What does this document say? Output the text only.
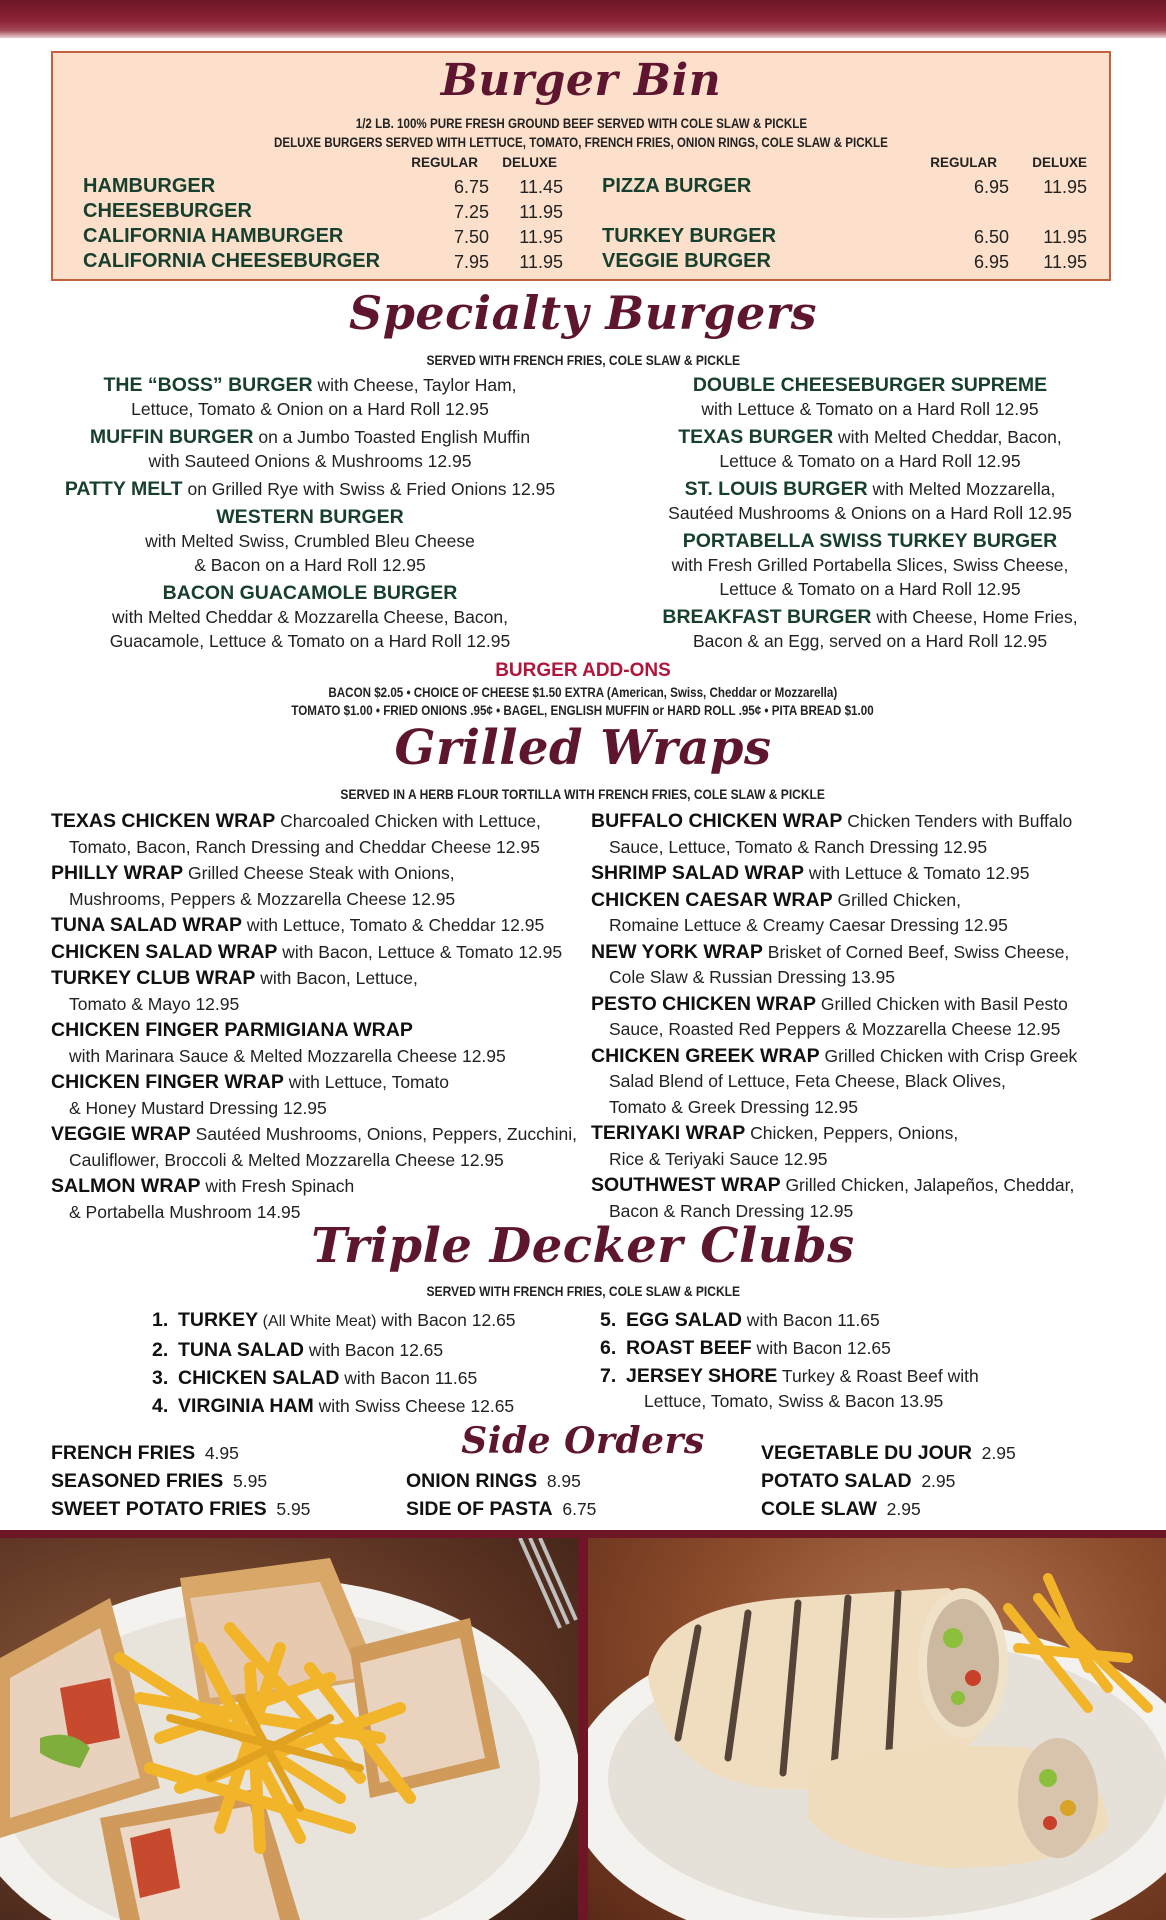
Burger Bin
1/2 LB. 100% PURE FRESH GROUND BEEF SERVED WITH COLE SLAW & PICKLE
DELUXE BURGERS SERVED WITH LETTUCE, TOMATO, FRENCH FRIES, ONION RINGS, COLE SLAW & PICKLE
REGULAR	DELUXE	REGULAR	DELUXE
HAMBURGER	6.75	11.45
CHEESEBURGER	7.25	11.95
CALIFORNIA HAMBURGER	7.50	11.95
CALIFORNIA CHEESEBURGER	7.95	11.95
PIZZA BURGER	6.95	11.95
TURKEY BURGER	6.50	11.95
VEGGIE BURGER	6.95	11.95
Specialty Burgers
SERVED WITH FRENCH FRIES, COLE SLAW & PICKLE
THE “BOSS” BURGER with Cheese, Taylor Ham,
Lettuce, Tomato & Onion on a Hard Roll 12.95
MUFFIN BURGER on a Jumbo Toasted English Muffin
with Sauteed Onions & Mushrooms 12.95
PATTY MELT on Grilled Rye with Swiss & Fried Onions 12.95
WESTERN BURGER
with Melted Swiss, Crumbled Bleu Cheese
& Bacon on a Hard Roll 12.95
BACON GUACAMOLE BURGER
with Melted Cheddar & Mozzarella Cheese, Bacon,
Guacamole, Lettuce & Tomato on a Hard Roll 12.95
DOUBLE CHEESEBURGER SUPREME
with Lettuce & Tomato on a Hard Roll 12.95
TEXAS BURGER with Melted Cheddar, Bacon,
Lettuce & Tomato on a Hard Roll 12.95
ST. LOUIS BURGER with Melted Mozzarella,
Sautéed Mushrooms & Onions on a Hard Roll 12.95
PORTABELLA SWISS TURKEY BURGER
with Fresh Grilled Portabella Slices, Swiss Cheese,
Lettuce & Tomato on a Hard Roll 12.95
BREAKFAST BURGER with Cheese, Home Fries,
Bacon & an Egg, served on a Hard Roll 12.95
BURGER ADD-ONS
BACON $2.05 • CHOICE OF CHEESE $1.50 EXTRA (American, Swiss, Cheddar or Mozzarella)
TOMATO $1.00 • FRIED ONIONS .95¢ • BAGEL, ENGLISH MUFFIN or HARD ROLL .95¢ • PITA BREAD $1.00
Grilled Wraps
SERVED IN A HERB FLOUR TORTILLA WITH FRENCH FRIES, COLE SLAW & PICKLE
TEXAS CHICKEN WRAP Charcoaled Chicken with Lettuce,
Tomato, Bacon, Ranch Dressing and Cheddar Cheese 12.95
PHILLY WRAP Grilled Cheese Steak with Onions,
Mushrooms, Peppers & Mozzarella Cheese 12.95
TUNA SALAD WRAP with Lettuce, Tomato & Cheddar 12.95
CHICKEN SALAD WRAP with Bacon, Lettuce & Tomato 12.95
TURKEY CLUB WRAP with Bacon, Lettuce,
Tomato & Mayo 12.95
CHICKEN FINGER PARMIGIANA WRAP
with Marinara Sauce & Melted Mozzarella Cheese 12.95
CHICKEN FINGER WRAP with Lettuce, Tomato
& Honey Mustard Dressing 12.95
VEGGIE WRAP Sautéed Mushrooms, Onions, Peppers, Zucchini,
Cauliflower, Broccoli & Melted Mozzarella Cheese 12.95
SALMON WRAP with Fresh Spinach
& Portabella Mushroom 14.95
BUFFALO CHICKEN WRAP Chicken Tenders with Buffalo
Sauce, Lettuce, Tomato & Ranch Dressing 12.95
SHRIMP SALAD WRAP with Lettuce & Tomato 12.95
CHICKEN CAESAR WRAP Grilled Chicken,
Romaine Lettuce & Creamy Caesar Dressing 12.95
NEW YORK WRAP Brisket of Corned Beef, Swiss Cheese,
Cole Slaw & Russian Dressing 13.95
PESTO CHICKEN WRAP Grilled Chicken with Basil Pesto
Sauce, Roasted Red Peppers & Mozzarella Cheese 12.95
CHICKEN GREEK WRAP Grilled Chicken with Crisp Greek
Salad Blend of Lettuce, Feta Cheese, Black Olives,
Tomato & Greek Dressing 12.95
TERIYAKI WRAP Chicken, Peppers, Onions,
Rice & Teriyaki Sauce 12.95
SOUTHWEST WRAP Grilled Chicken, Jalapeños, Cheddar,
Bacon & Ranch Dressing 12.95
Triple Decker Clubs
SERVED WITH FRENCH FRIES, COLE SLAW & PICKLE
1. TURKEY (All White Meat) with Bacon 12.65
2. TUNA SALAD with Bacon 12.65
3. CHICKEN SALAD with Bacon 11.65
4. VIRGINIA HAM with Swiss Cheese 12.65
5. EGG SALAD with Bacon 11.65
6. ROAST BEEF with Bacon 12.65
7. JERSEY SHORE Turkey & Roast Beef with
Lettuce, Tomato, Swiss & Bacon 13.95
Side Orders
FRENCH FRIES 4.95
SEASONED FRIES 5.95
SWEET POTATO FRIES 5.95
ONION RINGS 8.95
SIDE OF PASTA 6.75
VEGETABLE DU JOUR 2.95
POTATO SALAD 2.95
COLE SLAW 2.95
